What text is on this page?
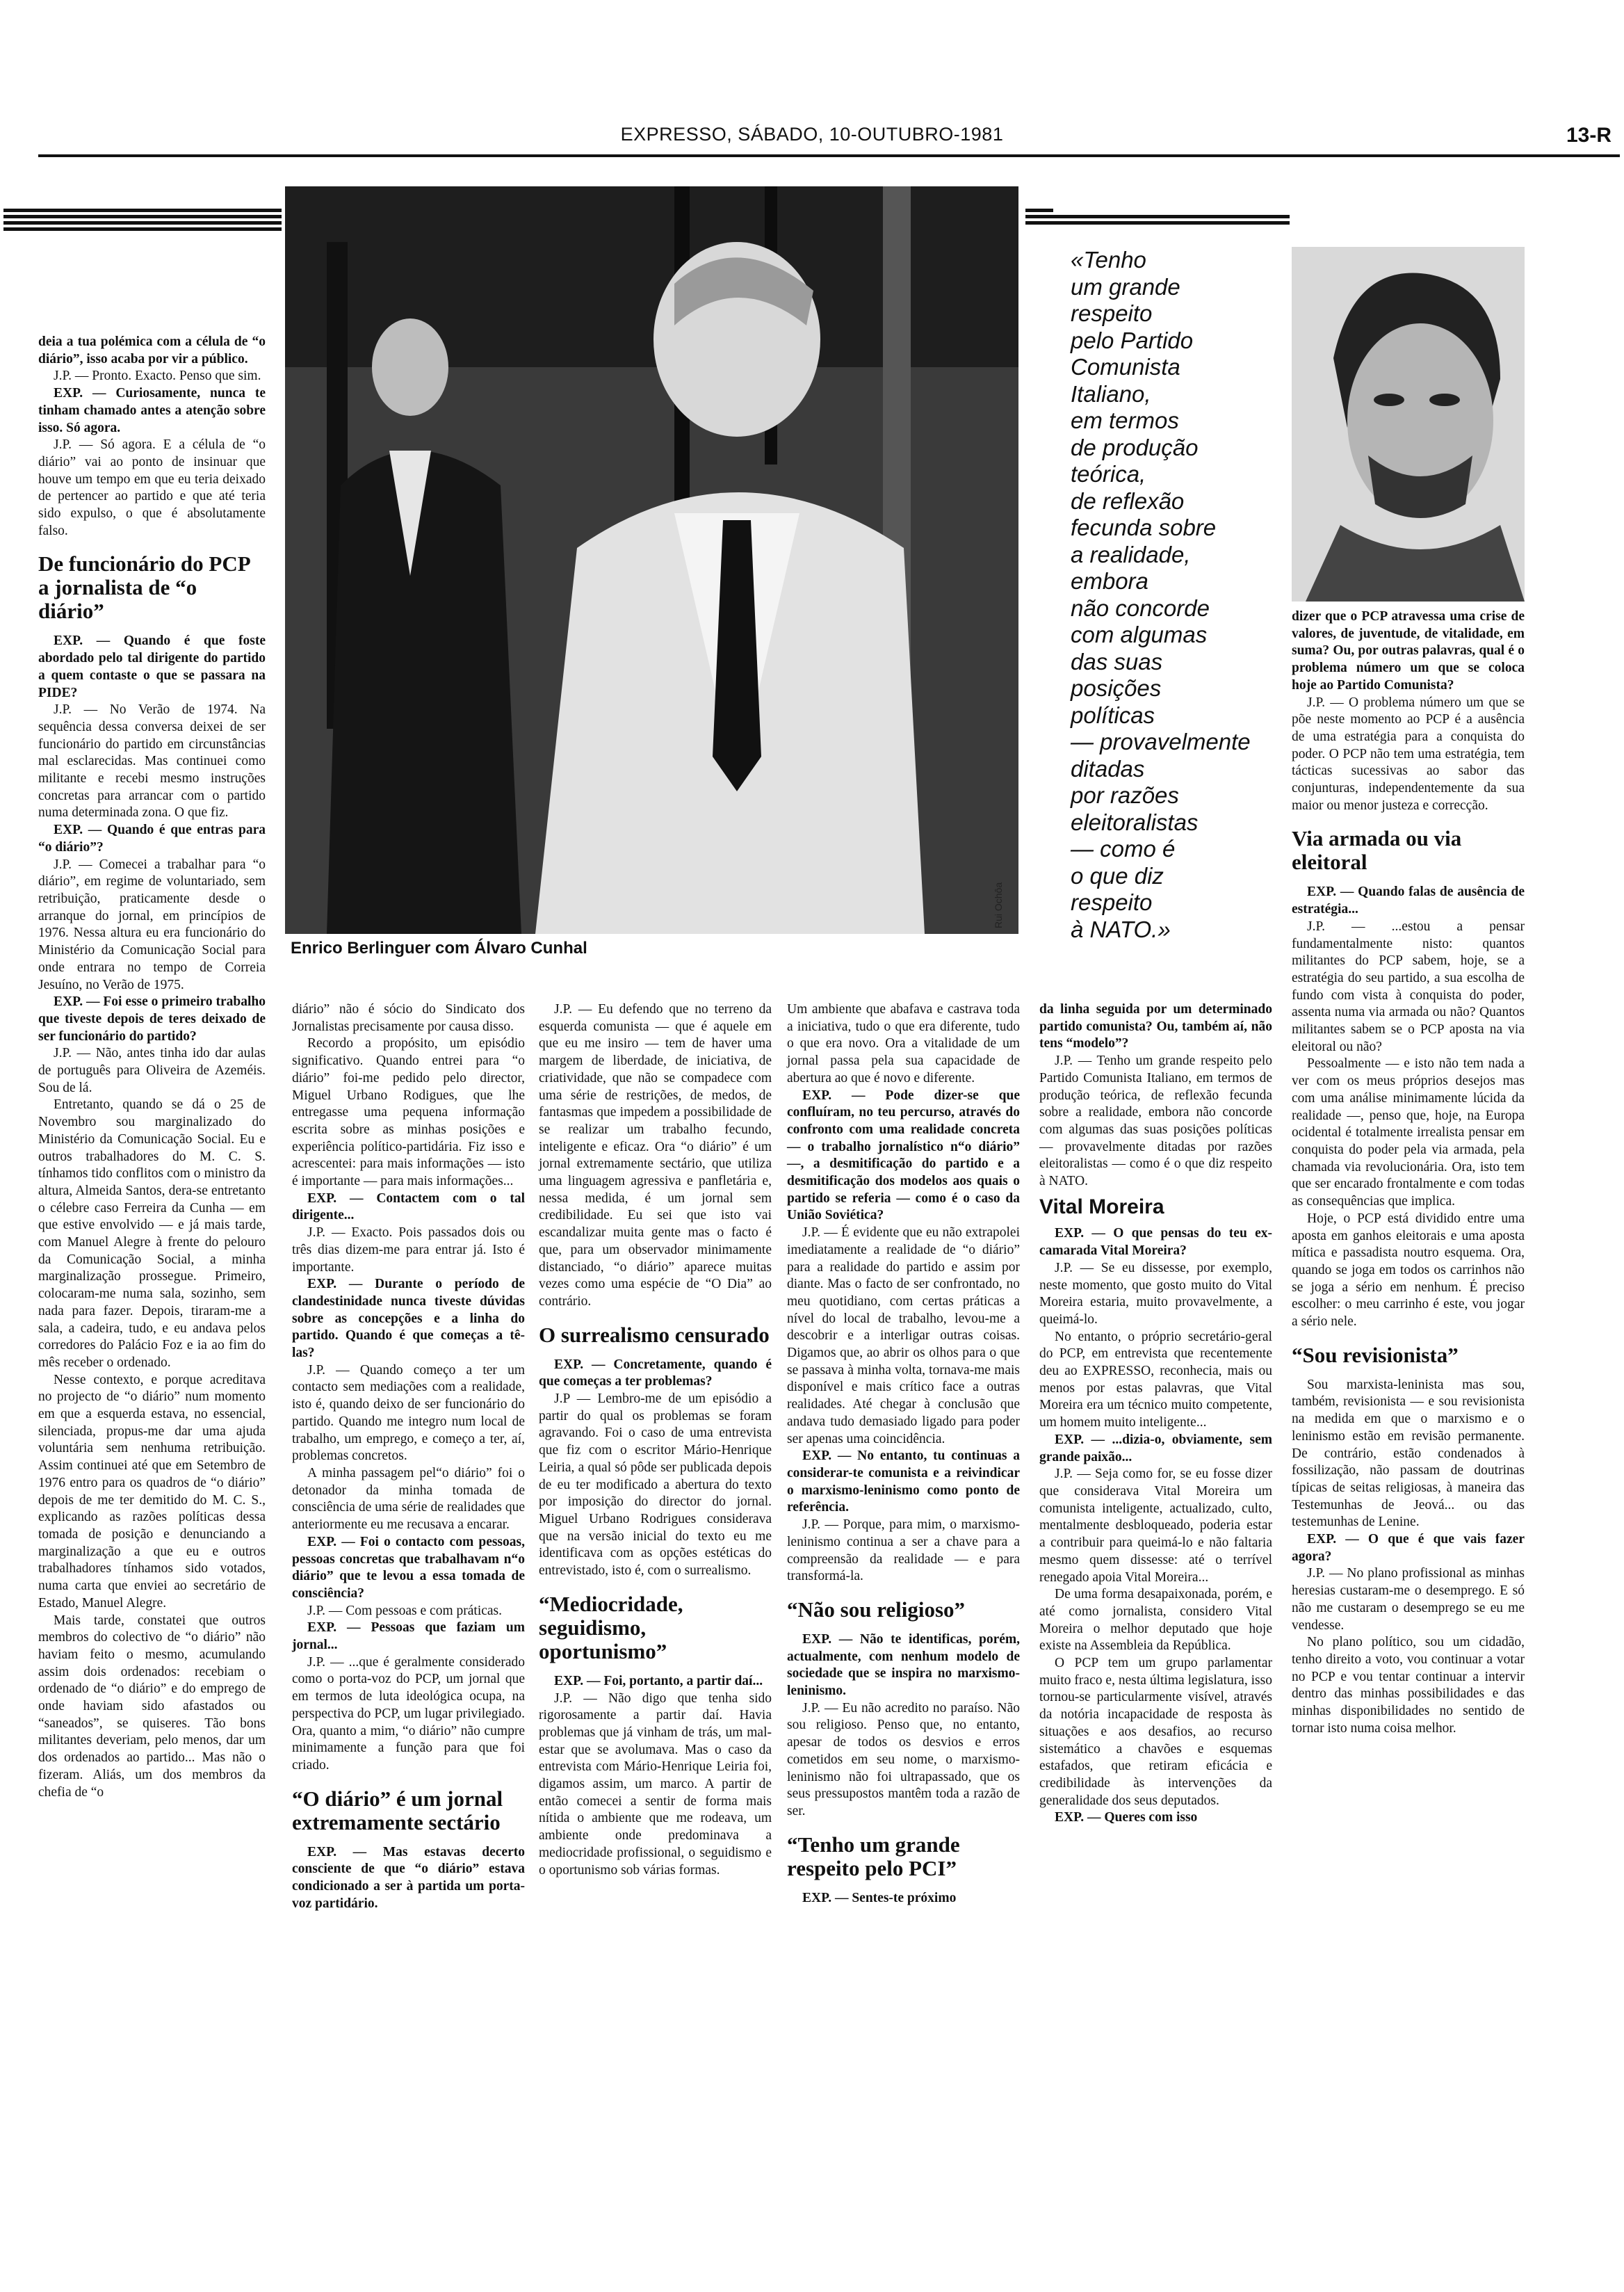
EXPRESSO, SÁBADO, 10-OUTUBRO-1981	13-R
Rui Ochôa
Enrico Berlinguer com Álvaro Cunhal
«Tenho
um grande
respeito
pelo Partido
Comunista
Italiano,
em termos
de produção
teórica,
de reflexão
fecunda sobre
a realidade,
embora
não concorde
com algumas
das suas
posições
políticas
— provavelmente
ditadas
por razões
eleitoralistas
— como é
o que diz
respeito
à NATO.»

deia a tua polémica com a célula de “o diário”, isso acaba por vir a público.

J.P. — Pronto. Exacto. Penso que sim.

EXP. — Curiosamente, nunca te tinham chamado antes a atenção sobre isso. Só agora.

J.P. — Só agora. E a célula de “o diário” vai ao ponto de insinuar que houve um tempo em que eu teria deixado de pertencer ao partido e que até teria sido expulso, o que é absolutamente falso.

De funcionário do PCP a jornalista de “o diário”

EXP. — Quando é que foste abordado pelo tal dirigente do partido a quem contaste o que se passara na PIDE?

J.P. — No Verão de 1974. Na sequência dessa conversa deixei de ser funcionário do partido em circunstâncias mal esclarecidas. Mas continuei como militante e recebi mesmo instruções concretas para arrancar com o partido numa determinada zona. O que fiz.

EXP. — Quando é que entras para “o diário”?

J.P. — Comecei a trabalhar para “o diário”, em regime de voluntariado, sem retribuição, praticamente desde o arranque do jornal, em princípios de 1976. Nessa altura eu era funcionário do Ministério da Comunicação Social para onde entrara no tempo de Correia Jesuíno, no Verão de 1975.

EXP. — Foi esse o primeiro trabalho que tiveste depois de teres deixado de ser funcionário do partido?

J.P. — Não, antes tinha ido dar aulas de português para Oliveira de Azeméis. Sou de lá.

Entretanto, quando se dá o 25 de Novembro sou marginalizado do Ministério da Comunicação Social. Eu e outros trabalhadores do M. C. S. tínhamos tido conflitos com o ministro da altura, Almeida Santos, dera-se entretanto o célebre caso Ferreira da Cunha — em que estive envolvido — e já mais tarde, com Manuel Alegre à frente do pelouro da Comunicação Social, a minha marginalização prossegue. Primeiro, colocaram-me numa sala, sozinho, sem nada para fazer. Depois, tiraram-me a sala, a cadeira, tudo, e eu andava pelos corredores do Palácio Foz e ia ao fim do mês receber o ordenado.

Nesse contexto, e porque acreditava no projecto de “o diário” num momento em que a esquerda estava, no essencial, silenciada, propus-me dar uma ajuda voluntária sem nenhuma retribuição. Assim continuei até que em Setembro de 1976 entro para os quadros de “o diário” depois de me ter demitido do M. C. S., explicando as razões políticas dessa tomada de posição e denunciando a marginalização a que eu e outros trabalhadores tínhamos sido votados, numa carta que enviei ao secretário de Estado, Manuel Alegre.

Mais tarde, constatei que outros membros do colectivo de “o diário” não haviam feito o mesmo, acumulando assim dois ordenados: recebiam o ordenado de “o diário” e do emprego de onde haviam sido afastados ou “saneados”, se quiseres. Tão bons militantes deveriam, pelo menos, dar um dos ordenados ao partido... Mas não o fizeram. Aliás, um dos membros da chefia de “o

diário” não é sócio do Sindicato dos Jornalistas precisamente por causa disso.

Recordo a propósito, um episódio significativo. Quando entrei para “o diário” foi-me pedido pelo director, Miguel Urbano Rodigues, que lhe entregasse uma pequena informação escrita sobre as minhas posições e experiência político-partidária. Fiz isso e acrescentei: para mais informações — isto é importante — para mais informações...

EXP. — Contactem com o tal dirigente...

J.P. — Exacto. Pois passados dois ou três dias dizem-me para entrar já. Isto é importante.

EXP. — Durante o período de clandestinidade nunca tiveste dúvidas sobre as concepções e a linha do partido. Quando é que começas a tê-las?

J.P. — Quando começo a ter um contacto sem mediações com a realidade, isto é, quando deixo de ser funcionário do partido. Quando me integro num local de trabalho, um emprego, e começo a ter, aí, problemas concretos.

A minha passagem pel“o diário” foi o detonador da minha tomada de consciência de uma série de realidades que anteriormente eu me recusava a encarar.

EXP. — Foi o contacto com pessoas, pessoas concretas que trabalhavam n“o diário” que te levou a essa tomada de consciência?

J.P. — Com pessoas e com práticas.

EXP. — Pessoas que faziam um jornal...

J.P. — ...que é geralmente considerado como o porta-voz do PCP, um jornal que em termos de luta ideológica ocupa, na perspectiva do PCP, um lugar privilegiado. Ora, quanto a mim, “o diário” não cumpre minimamente a função para que foi criado.

“O diário” é um jornal extremamente sectário

EXP. — Mas estavas decerto consciente de que “o diário” estava condicionado a ser à partida um porta-voz partidário.

J.P. — Eu defendo que no terreno da esquerda comunista — que é aquele em que eu me insiro — tem de haver uma margem de liberdade, de iniciativa, de criatividade, que não se compadece com uma série de restrições, de medos, de fantasmas que impedem a possibilidade de se realizar um trabalho fecundo, inteligente e eficaz. Ora “o diário” é um jornal extremamente sectário, que utiliza uma linguagem agressiva e panfletária e, nessa medida, é um jornal sem credibilidade. Eu sei que isto vai escandalizar muita gente mas o facto é que, para um observador minimamente distanciado, “o diário” aparece muitas vezes como uma espécie de “O Dia” ao contrário.

O surrealismo censurado

EXP. — Concretamente, quando é que começas a ter problemas?

J.P — Lembro-me de um episódio a partir do qual os problemas se foram agravando. Foi o caso de uma entrevista que fiz com o escritor Mário-Henrique Leiria, a qual só pôde ser publicada depois de eu ter modificado a abertura do texto por imposição do director do jornal. Miguel Urbano Rodrigues considerava que na versão inicial do texto eu me identificava com as opções estéticas do entrevistado, isto é, com o surrealismo.

“Mediocridade, seguidismo, oportunismo”

EXP. — Foi, portanto, a partir daí...

J.P. — Não digo que tenha sido rigorosamente a partir daí. Havia problemas que já vinham de trás, um mal-estar que se avolumava. Mas o caso da entrevista com Mário-Henrique Leiria foi, digamos assim, um marco. A partir de então comecei a sentir de forma mais nítida o ambiente que me rodeava, um ambiente onde predominava a mediocridade profissional, o seguidismo e o oportunismo sob várias formas.

Um ambiente que abafava e castrava toda a iniciativa, tudo o que era diferente, tudo o que era novo. Ora a vitalidade de um jornal passa pela sua capacidade de abertura ao que é novo e diferente.

EXP. — Pode dizer-se que confluíram, no teu percurso, através do confronto com uma realidade concreta — o trabalho jornalístico n“o diário” —, a desmitificação do partido e a desmitificação dos modelos aos quais o partido se referia — como é o caso da União Soviética?

J.P. — É evidente que eu não extrapolei imediatamente a realidade de “o diário” para a realidade do partido e assim por diante. Mas o facto de ser confrontado, no meu quotidiano, com certas práticas a nível do local de trabalho, levou-me a descobrir e a interligar outras coisas. Digamos que, ao abrir os olhos para o que se passava à minha volta, tornava-me mais disponível e mais crítico face a outras realidades. Até chegar à conclusão que andava tudo demasiado ligado para poder ser apenas uma coincidência.

EXP. — No entanto, tu continuas a considerar-te comunista e a reivindicar o marxismo-leninismo como ponto de referência.

J.P. — Porque, para mim, o marxismo-leninismo continua a ser a chave para a compreensão da realidade — e para transformá-la.

“Não sou religioso”

EXP. — Não te identificas, porém, actualmente, com nenhum modelo de sociedade que se inspira no marxismo-leninismo.

J.P. — Eu não acredito no paraíso. Não sou religioso. Penso que, no entanto, apesar de todos os desvios e erros cometidos em seu nome, o marxismo-leninismo não foi ultrapassado, que os seus pressupostos mantêm toda a razão de ser.

“Tenho um grande respeito pelo PCI”

EXP. — Sentes-te próximo

da linha seguida por um determinado partido comunista? Ou, também aí, não tens “modelo”?

J.P. — Tenho um grande respeito pelo Partido Comunista Italiano, em termos de produção teórica, de reflexão fecunda sobre a realidade, embora não concorde com algumas das suas posições políticas — provavelmente ditadas por razões eleitoralistas — como é o que diz respeito à NATO.

Vital Moreira

EXP. — O que pensas do teu ex-camarada Vital Moreira?

J.P. — Se eu dissesse, por exemplo, neste momento, que gosto muito do Vital Moreira estaria, muito provavelmente, a queimá-lo.

No entanto, o próprio secretário-geral do PCP, em entrevista que recentemente deu ao EXPRESSO, reconhecia, mais ou menos por estas palavras, que Vital Moreira era um técnico muito competente, um homem muito inteligente...

EXP. — ...dizia-o, obviamente, sem grande paixão...

J.P. — Seja como for, se eu fosse dizer que considerava Vital Moreira um comunista inteligente, actualizado, culto, mentalmente desbloqueado, poderia estar a contribuir para queimá-lo e não faltaria mesmo quem dissesse: até o terrível renegado apoia Vital Moreira...

De uma forma desapaixonada, porém, e até como jornalista, considero Vital Moreira o melhor deputado que hoje existe na Assembleia da República.

O PCP tem um grupo parlamentar muito fraco e, nesta última legislatura, isso tornou-se particularmente visível, através da notória incapacidade de resposta às situações e aos desafios, ao recurso sistemático a chavões e esquemas estafados, que retiram eficácia e credibilidade às intervenções da generalidade dos seus deputados.

EXP. — Queres com isso

dizer que o PCP atravessa uma crise de valores, de juventude, de vitalidade, em suma? Ou, por outras palavras, qual é o problema número um que se coloca hoje ao Partido Comunista?

J.P. — O problema número um que se põe neste momento ao PCP é a ausência de uma estratégia para a conquista do poder. O PCP não tem uma estratégia, tem tácticas sucessivas ao sabor das conjunturas, independentemente da sua maior ou menor justeza e correcção.

Via armada ou via eleitoral

EXP. — Quando falas de ausência de estratégia...

J.P. — ...estou a pensar fundamentalmente nisto: quantos militantes do PCP sabem, hoje, se a estratégia do seu partido, a sua escolha de fundo com vista à conquista do poder, assenta numa via armada ou não? Quantos militantes sabem se o PCP aposta na via eleitoral ou não?

Pessoalmente — e isto não tem nada a ver com os meus próprios desejos mas com uma análise minimamente lúcida da realidade —, penso que, hoje, na Europa ocidental é totalmente irrealista pensar em conquista do poder pela via armada, pela chamada via revolucionária. Ora, isto tem que ser encarado frontalmente e com todas as consequências que implica.

Hoje, o PCP está dividido entre uma aposta em ganhos eleitorais e uma aposta mítica e passadista noutro esquema. Ora, quando se joga em todos os carrinhos não se joga a sério em nenhum. É preciso escolher: o meu carrinho é este, vou jogar a sério nele.

“Sou revisionista”

Sou marxista-leninista mas sou, também, revisionista — e sou revisionista na medida em que o marxismo e o leninismo estão em revisão permanente. De contrário, estão condenados à fossilização, não passam de doutrinas típicas de seitas religiosas, à maneira das Testemunhas de Jeová... ou das testemunhas de Lenine.

EXP. — O que é que vais fazer agora?

J.P. — No plano profissional as minhas heresias custaram-me o desemprego. E só não me custaram o desemprego se eu me vendesse.

No plano político, sou um cidadão, tenho direito a voto, vou continuar a votar no PCP e vou tentar continuar a intervir dentro das minhas possibilidades e das minhas disponibilidades no sentido de tornar isto numa coisa melhor.
